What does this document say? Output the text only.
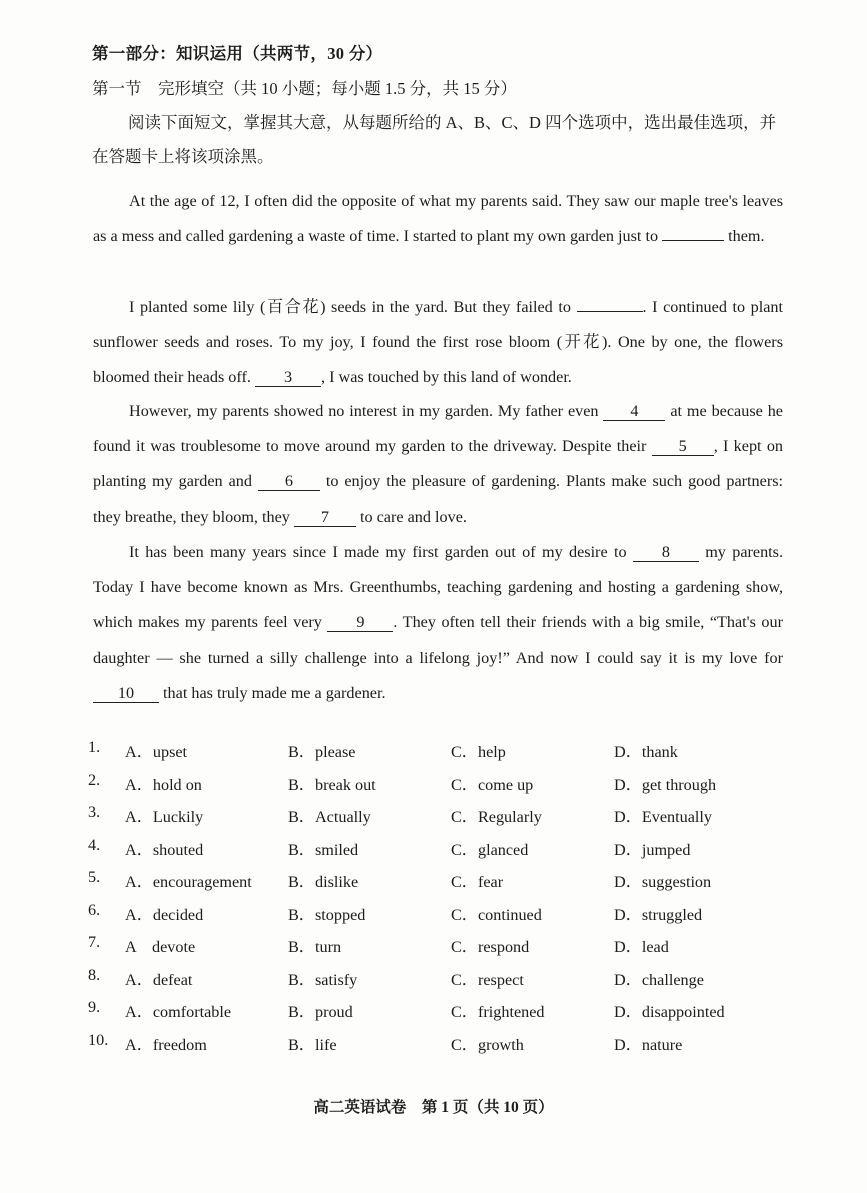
第一部分：知识运用（共两节，30 分）
第一节　完形填空（共 10 小题；每小题 1.5 分，共 15 分）
阅读下面短文，掌握其大意，从每题所给的 A、B、C、D 四个选项中，选出最佳选项，并在答题卡上将该项涂黑。
At the age of 12, I often did the opposite of what my parents said. They saw our maple tree's leaves as a mess and called gardening a waste of time. I started to plant my own garden just to	them.
I planted some lily (百合花) seeds in the yard. But they failed to	. I continued to plant sunflower seeds and roses. To my joy, I found the first rose bloom (开花). One by one, the flowers bloomed their heads off. 3 , I was touched by this land of wonder.
However, my parents showed no interest in my garden. My father even 4 at me because he found it was troublesome to move around my garden to the driveway. Despite their 5 , I kept on planting my garden and 6 to enjoy the pleasure of gardening. Plants make such good partners: they breathe, they bloom, they 7 to care and love.
It has been many years since I made my first garden out of my desire to 8 my parents. Today I have become known as Mrs. Greenthumbs, teaching gardening and hosting a gardening show, which makes my parents feel very 9 . They often tell their friends with a big smile, “That's our daughter — she turned a silly challenge into a lifelong joy!” And now I could say it is my love for 10 that has truly made me a gardener.
1. A．upset	B．please	C．help	D．thank
2. A．hold on	B．break out	C．come up	D．get through
3. A．Luckily	B．Actually	C．Regularly	D．Eventually
4. A．shouted	B．smiled	C．glanced	D．jumped
5. A．encouragement B．dislike	C．fear	D．suggestion
6. A．decided	B．stopped	C．continued	D．struggled
7. A　devote	B．turn	C．respond	D．lead
8. A．defeat	B．satisfy	C．respect	D．challenge
9. A．comfortable	B．proud	C．frightened	D．disappointed
10. A．freedom	B．life	C．growth	D．nature
高二英语试卷　第 1 页（共 10 页）
